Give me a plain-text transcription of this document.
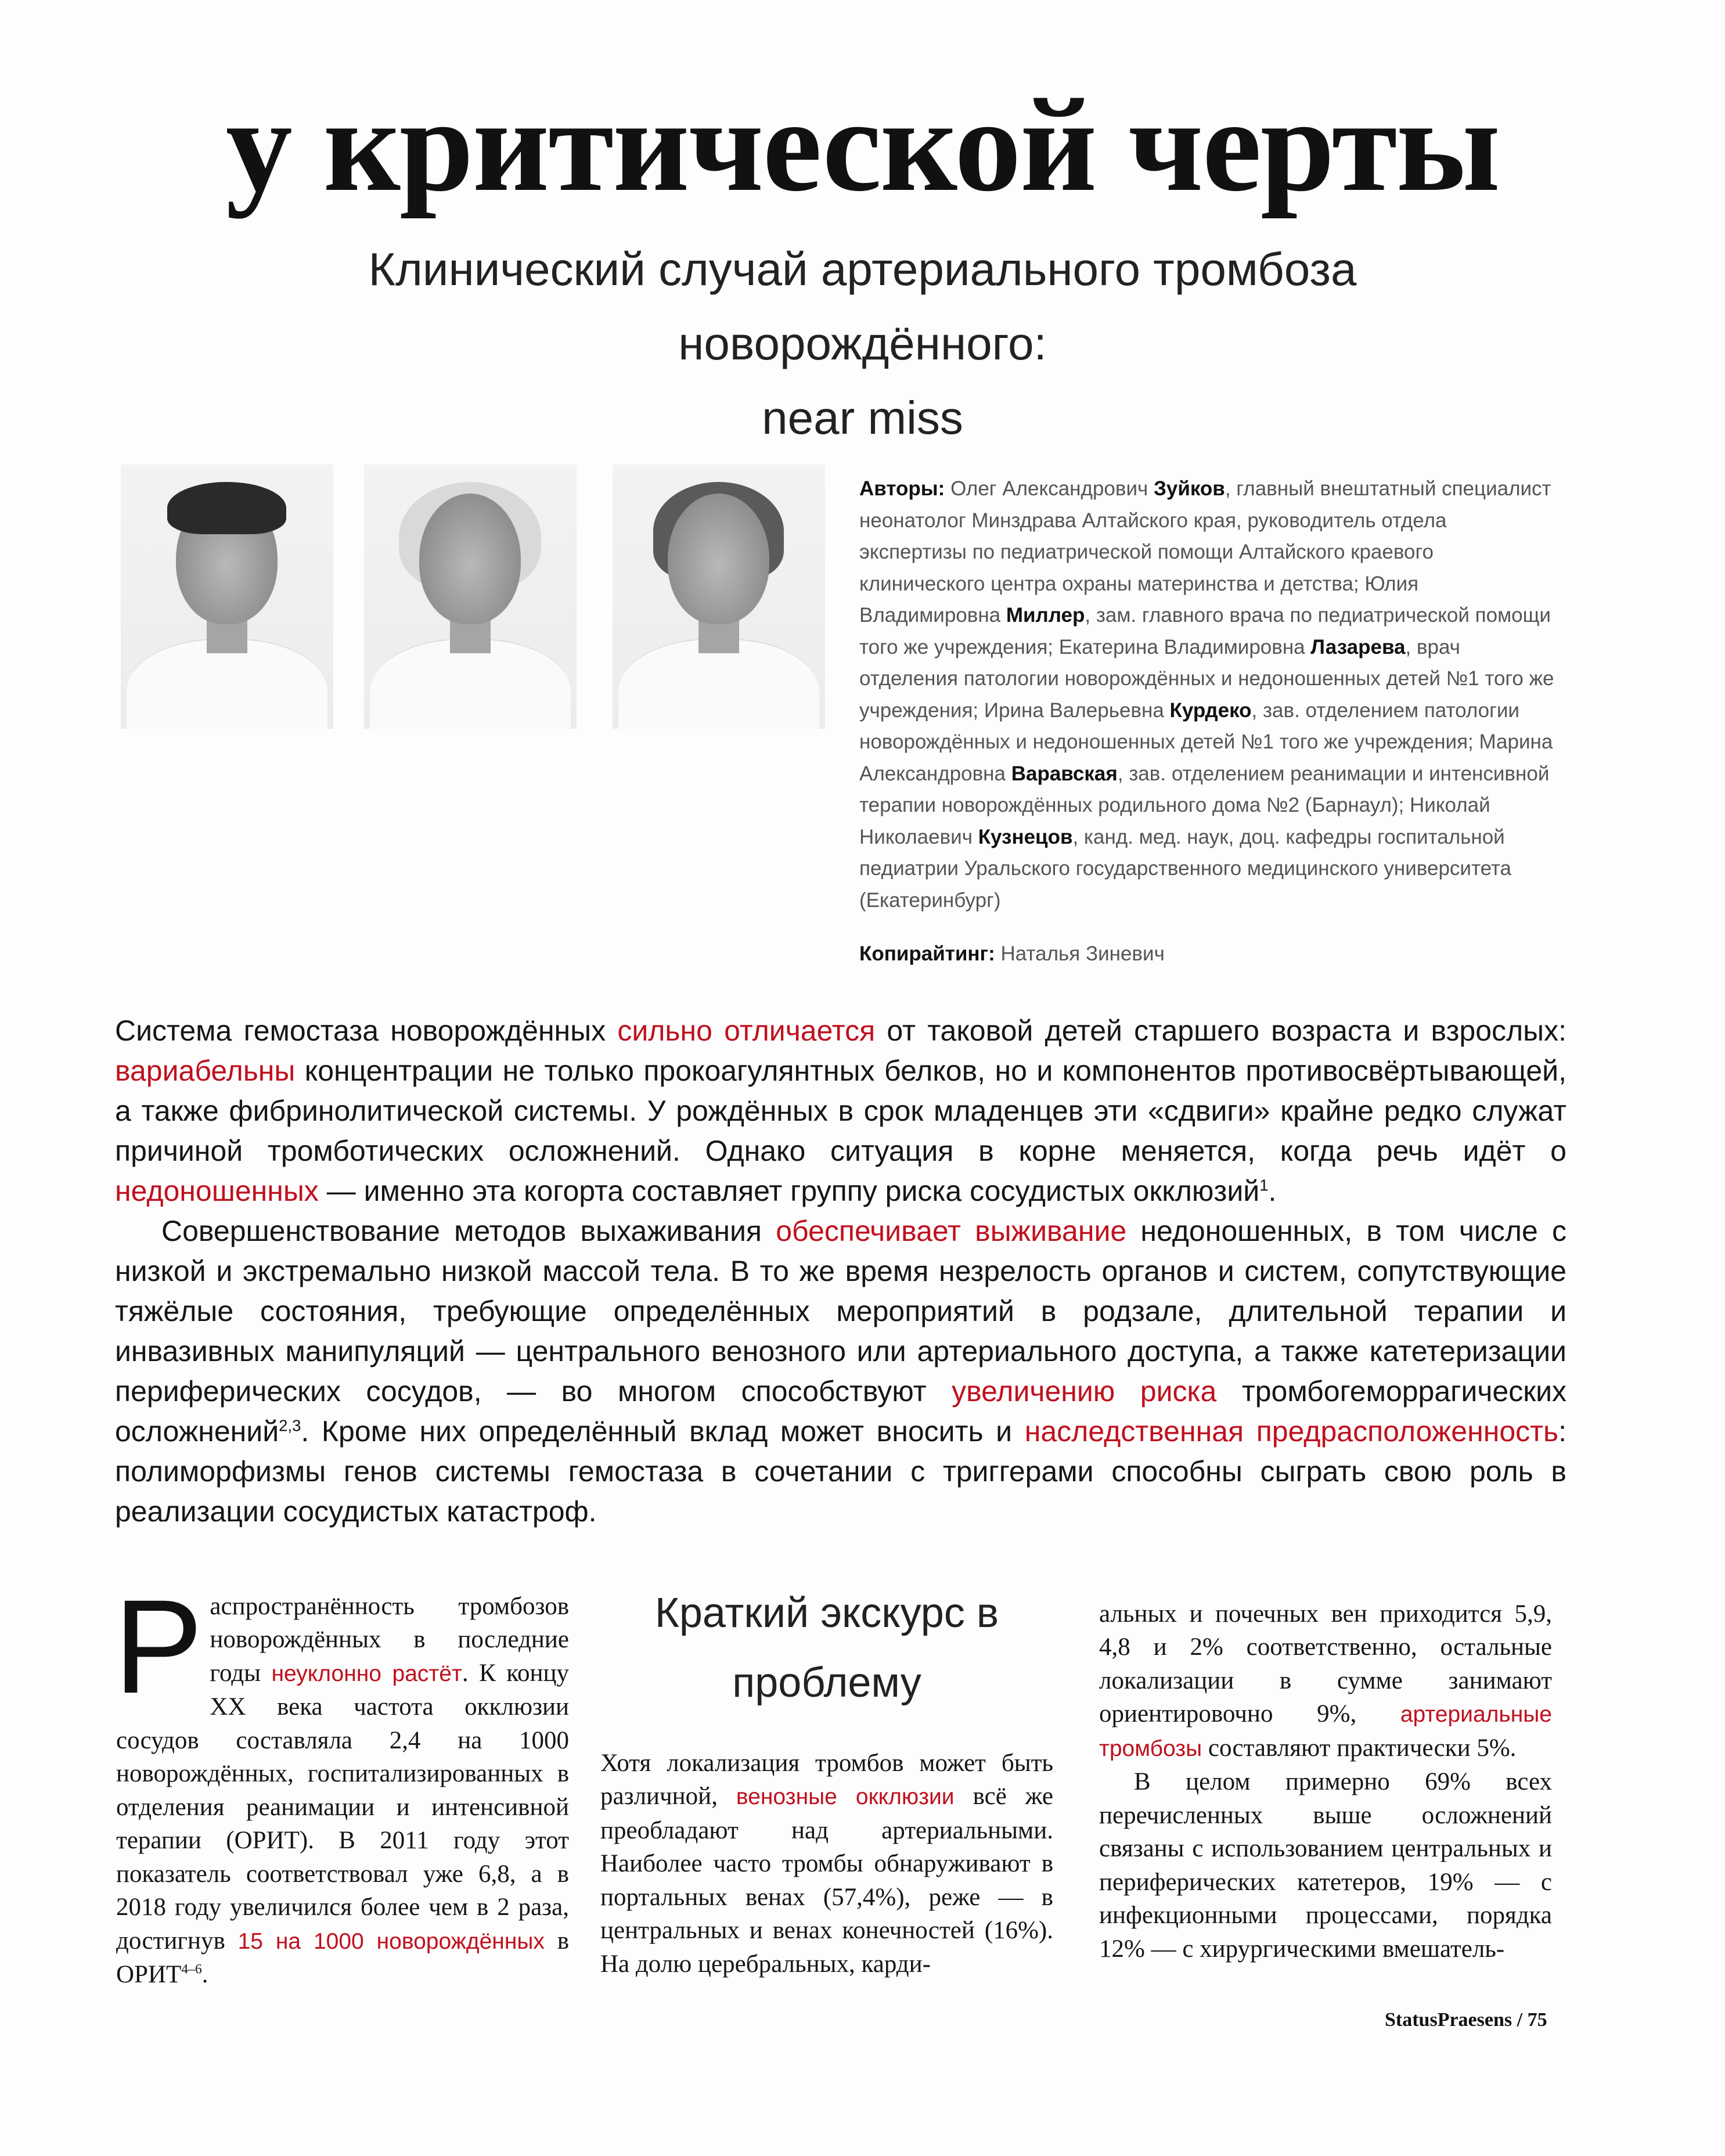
у критической черты
Клинический случай артериального тромбоза новорождённого:
near miss
Авторы: Олег Александрович Зуйков, главный внештатный специалист неонатолог Минздрава Алтайского края, руководитель отдела экспертизы по педиатрической помощи Алтайского краевого клинического центра охраны материнства и детства; Юлия Владимировна Миллер, зам. главного врача по педиатрической помощи того же учреждения; Екатерина Владимировна Лазарева, врач отделения патологии новорождённых и недоношенных детей №1 того же учреждения; Ирина Валерьевна Курдеко, зав. отделением патологии новорождённых и недоношенных детей №1 того же учреждения; Марина Александровна Варавская, зав. отделением реанимации и интенсивной терапии новорождённых родильного дома №2 (Барнаул); Николай Николаевич Кузнецов, канд. мед. наук, доц. кафедры госпитальной педиатрии Уральского государственного медицинского университета (Екатеринбург)
Копирайтинг: Наталья Зиневич

Система гемостаза новорождённых сильно отличается от таковой детей старшего возраста и взрослых: вариабельны концентрации не только прокоагулянтных белков, но и компонентов противосвёртывающей, а также фибринолитической системы. У рождённых в срок младенцев эти «сдвиги» крайне редко служат причиной тромботических осложнений. Однако ситуация в корне меняется, когда речь идёт о недоношенных — именно эта когорта составляет группу риска сосудистых окклюзий$^1$.

Совершенствование методов выхаживания обеспечивает выживание недоношенных, в том числе с низкой и экстремально низкой массой тела. В то же время незрелость органов и систем, сопутствующие тяжёлые состояния, требующие определённых мероприятий в родзале, длительной терапии и инвазивных манипуляций — центрального венозного или артериального доступа, а также катетеризации периферических сосудов, — во многом способствуют увеличению риска тромбогеморрагических осложнений$^{2,3}$. Кроме них определённый вклад может вносить и наследственная предрасположенность: полиморфизмы генов системы гемостаза в сочетании с триггерами способны сыграть свою роль в реализации сосудистых катастроф.

Р аспространённость тромбозов новорождённых в последние годы неуклонно растёт. К концу XX века частота окклюзии сосудов составляла 2,4 на 1000 новорождённых, госпитализированных в отделения реанимации и интенсивной терапии (ОРИТ). В 2011 году этот показатель соответствовал уже 6,8, а в 2018 году увеличился более чем в 2 раза, достигнув 15 на 1000 новорождённых в ОРИТ$^{4-6}$.

Краткий экскурс в проблему

Хотя локализация тромбов может быть различной, венозные окклюзии всё же преобладают над артериальными. Наиболее часто тромбы обнаруживают в портальных венах (57,4%), реже — в центральных и венах конечностей (16%). На долю церебральных, карди-

альных и почечных вен приходится 5,9, 4,8 и 2% соответственно, остальные локализации в сумме занимают ориентировочно 9%, артериальные тромбозы составляют практически 5%.

В целом примерно 69% всех перечисленных выше осложнений связаны с использованием центральных и периферических катетеров, 19% — с инфекционными процессами, порядка 12% — с хирургическими вмешатель-

StatusPraesens / 75
